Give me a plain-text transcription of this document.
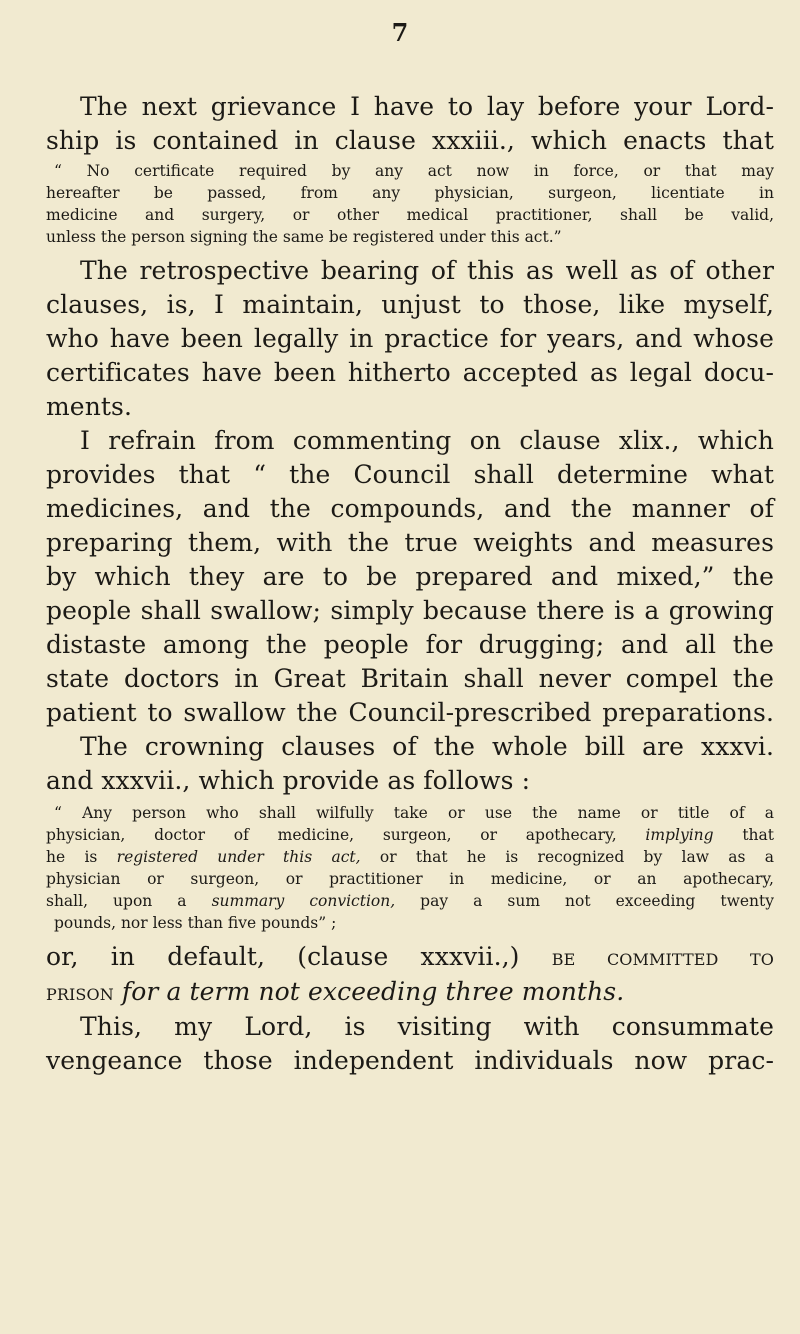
7
The next grievance I have to lay before your Lord-
ship is contained in clause xxxiii., which enacts that
“ No certificate required by any act now in force, or that may
hereafter be passed, from any physician, surgeon, licentiate in
medicine and surgery, or other medical practitioner, shall be valid,
unless the person signing the same be registered under this act.”
The retrospective bearing of this as well as of other
clauses, is, I maintain, unjust to those, like myself,
who have been legally in practice for years, and whose
certificates have been hitherto accepted as legal docu-
ments.
I refrain from commenting on clause xlix., which
provides that “ the Council shall determine what
medicines, and the compounds, and the manner of
preparing them, with the true weights and measures
by which they are to be prepared and mixed,” the
people shall swallow; simply because there is a growing
distaste among the people for drugging; and all the
state doctors in Great Britain shall never compel the
patient to swallow the Council-prescribed preparations.
The crowning clauses of the whole bill are xxxvi.
and xxxvii., which provide as follows :
“ Any person who shall wilfully take or use the name or title of a
physician, doctor of medicine, surgeon, or apothecary, implying that
he is registered under this act, or that he is recognized by law as a
physician or surgeon, or practitioner in medicine, or an apothecary,
shall, upon a summary conviction, pay a sum not exceeding twenty
pounds, nor less than five pounds” ;
or, in default, (clause xxxvii.,) be committed to
prison for a term not exceeding three months.
This, my Lord, is visiting with consummate
vengeance those independent individuals now prac-
